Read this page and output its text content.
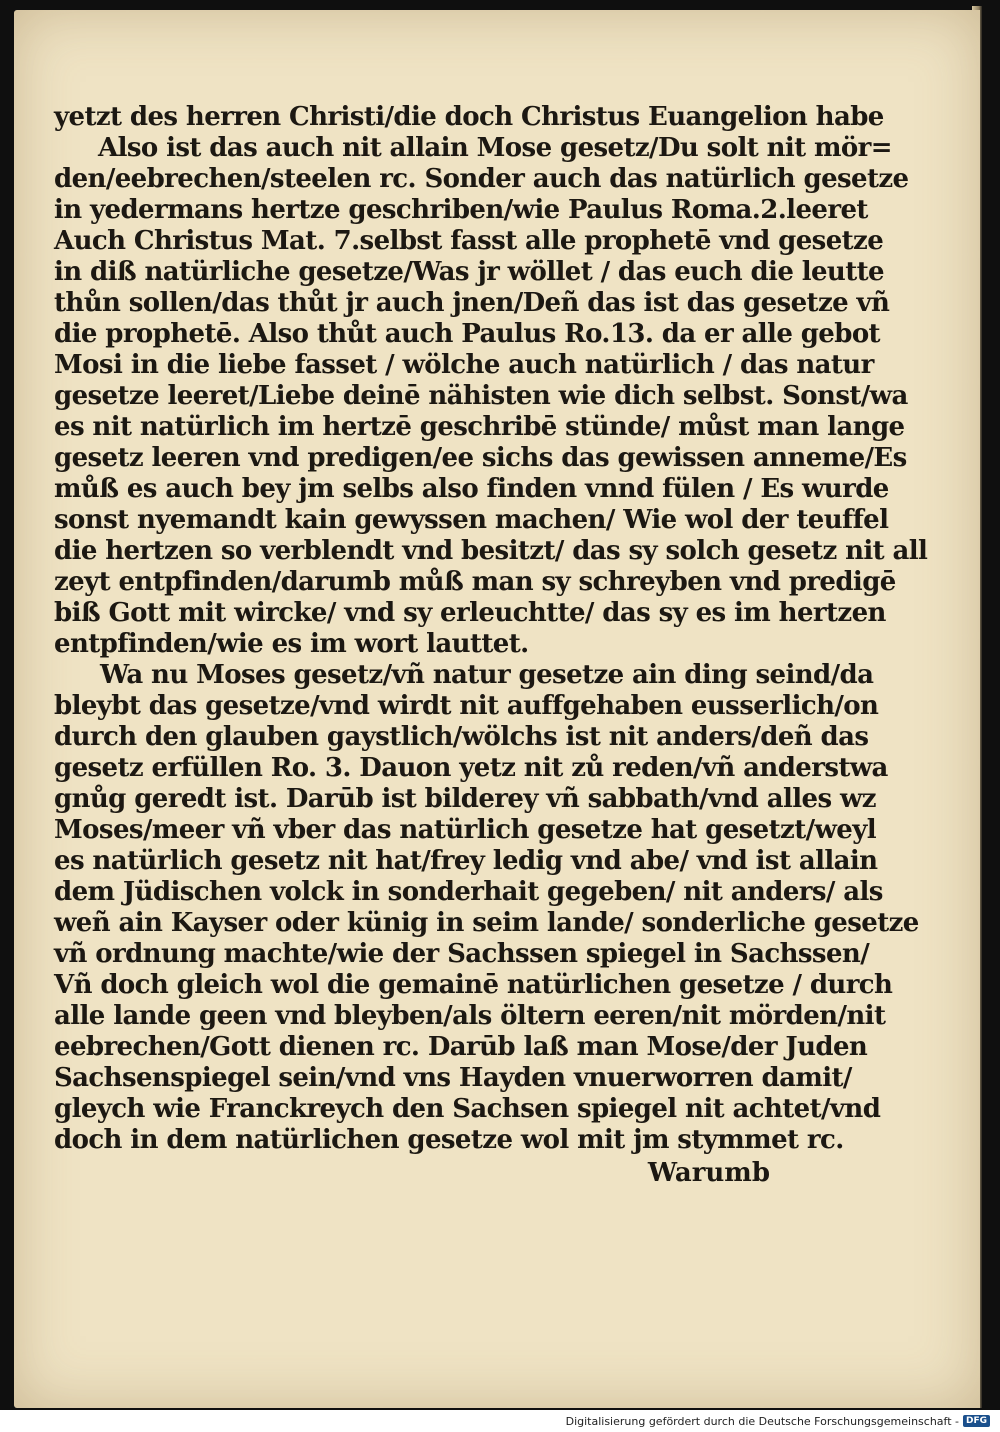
yetzt des herren Christi/die doch Christus Euangelion habe
Also ist das auch nit allain Mose gesetz/Du solt nit mör=
den/eebrechen/steelen rc. Sonder auch das natürlich gesetze
in yedermans hertze geschriben/wie Paulus Roma.2.leeret
Auch Christus Mat. 7.selbst fasst alle prophetē vnd gesetze
in diß natürliche gesetze/Was jr wöllet / das euch die leutte
thůn sollen/das thůt jr auch jnen/Deñ das ist das gesetze vñ
die prophetē. Also thůt auch Paulus Ro.13. da er alle gebot
Mosi in die liebe fasset / wölche auch natürlich / das natur
gesetze leeret/Liebe deinē nähisten wie dich selbst. Sonst/wa
es nit natürlich im hertzē geschribē stünde/ můst man lange
gesetz leeren vnd predigen/ee sichs das gewissen anneme/Es
můß es auch bey jm selbs also finden vnnd fülen / Es wurde
sonst nyemandt kain gewyssen machen/ Wie wol der teuffel
die hertzen so verblendt vnd besitzt/ das sy solch gesetz nit all
zeyt entpfinden/darumb můß man sy schreyben vnd predigē
biß Gott mit wircke/ vnd sy erleuchtte/ das sy es im hertzen
entpfinden/wie es im wort lauttet.
Wa nu Moses gesetz/vñ natur gesetze ain ding seind/da
bleybt das gesetze/vnd wirdt nit auffgehaben eusserlich/on
durch den glauben gaystlich/wölchs ist nit anders/deñ das
gesetz erfüllen Ro. 3. Dauon yetz nit zů reden/vñ anderstwa
gnůg geredt ist. Darūb ist bilderey vñ sabbath/vnd alles wz
Moses/meer vñ vber das natürlich gesetze hat gesetzt/weyl
es natürlich gesetz nit hat/frey ledig vnd abe/ vnd ist allain
dem Jüdischen volck in sonderhait gegeben/ nit anders/ als
weñ ain Kayser oder künig in seim lande/ sonderliche gesetze
vñ ordnung machte/wie der Sachssen spiegel in Sachssen/
Vñ doch gleich wol die gemainē natürlichen gesetze / durch
alle lande geen vnd bleyben/als öltern eeren/nit mörden/nit
eebrechen/Gott dienen rc. Darūb laß man Mose/der Juden
Sachsenspiegel sein/vnd vns Hayden vnuerworren damit/
gleych wie Franckreych den Sachsen spiegel nit achtet/vnd
doch in dem natürlichen gesetze wol mit jm stymmet rc.
Warumb
Digitalisierung gefördert durch die Deutsche Forschungsgemeinschaft - DFG
